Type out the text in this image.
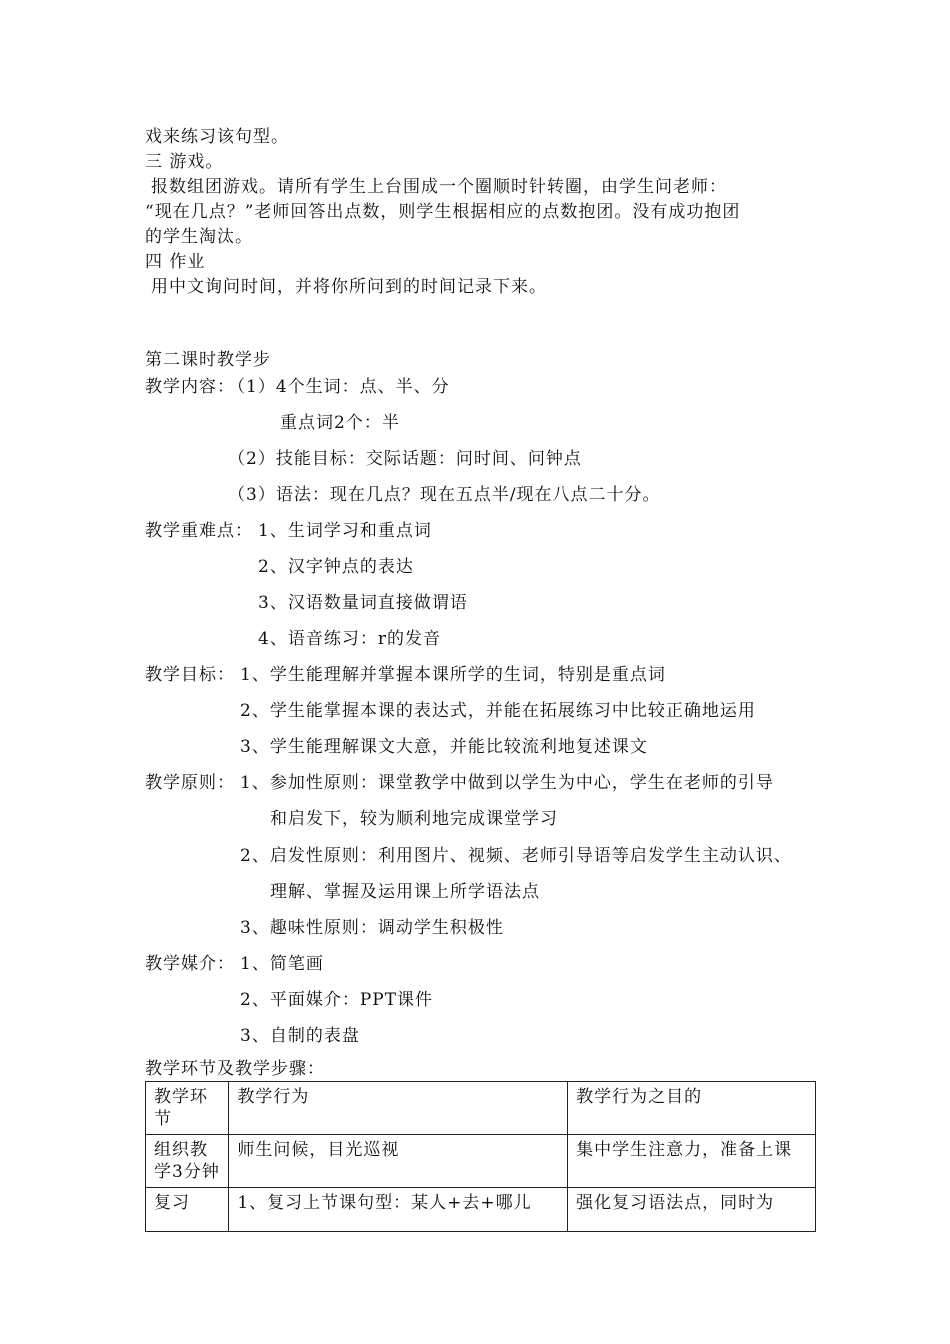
戏来练习该句型。
三 游戏。
报数组团游戏。请所有学生上台围成一个圈顺时针转圈，由学生问老师：
“现在几点？”老师回答出点数，则学生根据相应的点数抱团。没有成功抱团
的学生淘汰。
四 作业
用中文询问时间，并将你所问到的时间记录下来。
第二课时教学步
教学内容：
（1）4个生词：点、半、分
重点词2个：半
（2）技能目标：交际话题：问时间、问钟点
（3）语法：现在几点？现在五点半/现在八点二十分。
教学重难点： 1、生词学习和重点词
2、汉字钟点的表达
3、汉语数量词直接做谓语
4、语音练习：r的发音
教学目标： 1、学生能理解并掌握本课所学的生词，特别是重点词
2、学生能掌握本课的表达式，并能在拓展练习中比较正确地运用
3、学生能理解课文大意，并能比较流利地复述课文
教学原则： 1、参加性原则：课堂教学中做到以学生为中心，学生在老师的引导
和启发下，较为顺利地完成课堂学习
2、启发性原则：利用图片、视频、老师引导语等启发学生主动认识、
理解、掌握及运用课上所学语法点
3、趣味性原则：调动学生积极性
教学媒介： 1、简笔画
2、平面媒介：PPT课件
3、自制的表盘
教学环节及教学步骤：
教学环节	教学行为	教学行为之目的
组织教学3分钟	师生问候，目光巡视	集中学生注意力，准备上课
复习	1、复习上节课句型：某人+去+哪儿	强化复习语法点，同时为
